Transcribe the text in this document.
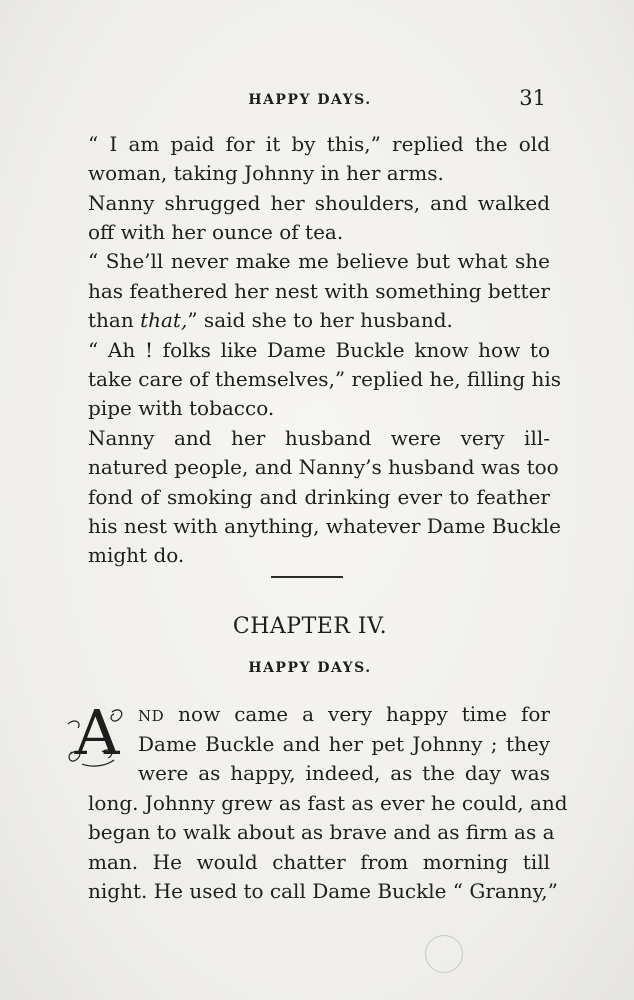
HAPPY DAYS.	31
“ I am paid for it by this,” replied the old
woman, taking Johnny in her arms.
Nanny shrugged her shoulders, and walked
off with her ounce of tea.
“ She’ll never make me believe but what she
has feathered her nest with something better
than that,” said she to her husband.
“ Ah ! folks like Dame Buckle know how to
take care of themselves,” replied he, filling his
pipe with tobacco.
Nanny and her husband were very ill-
natured people, and Nanny’s husband was too
fond of smoking and drinking ever to feather
his nest with anything, whatever Dame Buckle
might do.
CHAPTER IV.
HAPPY DAYS.
A ND now came a very happy time for
Dame Buckle and her pet Johnny ; they
were as happy, indeed, as the day was
long. Johnny grew as fast as ever he could, and
began to walk about as brave and as firm as a
man. He would chatter from morning till
night. He used to call Dame Buckle “ Granny,”
